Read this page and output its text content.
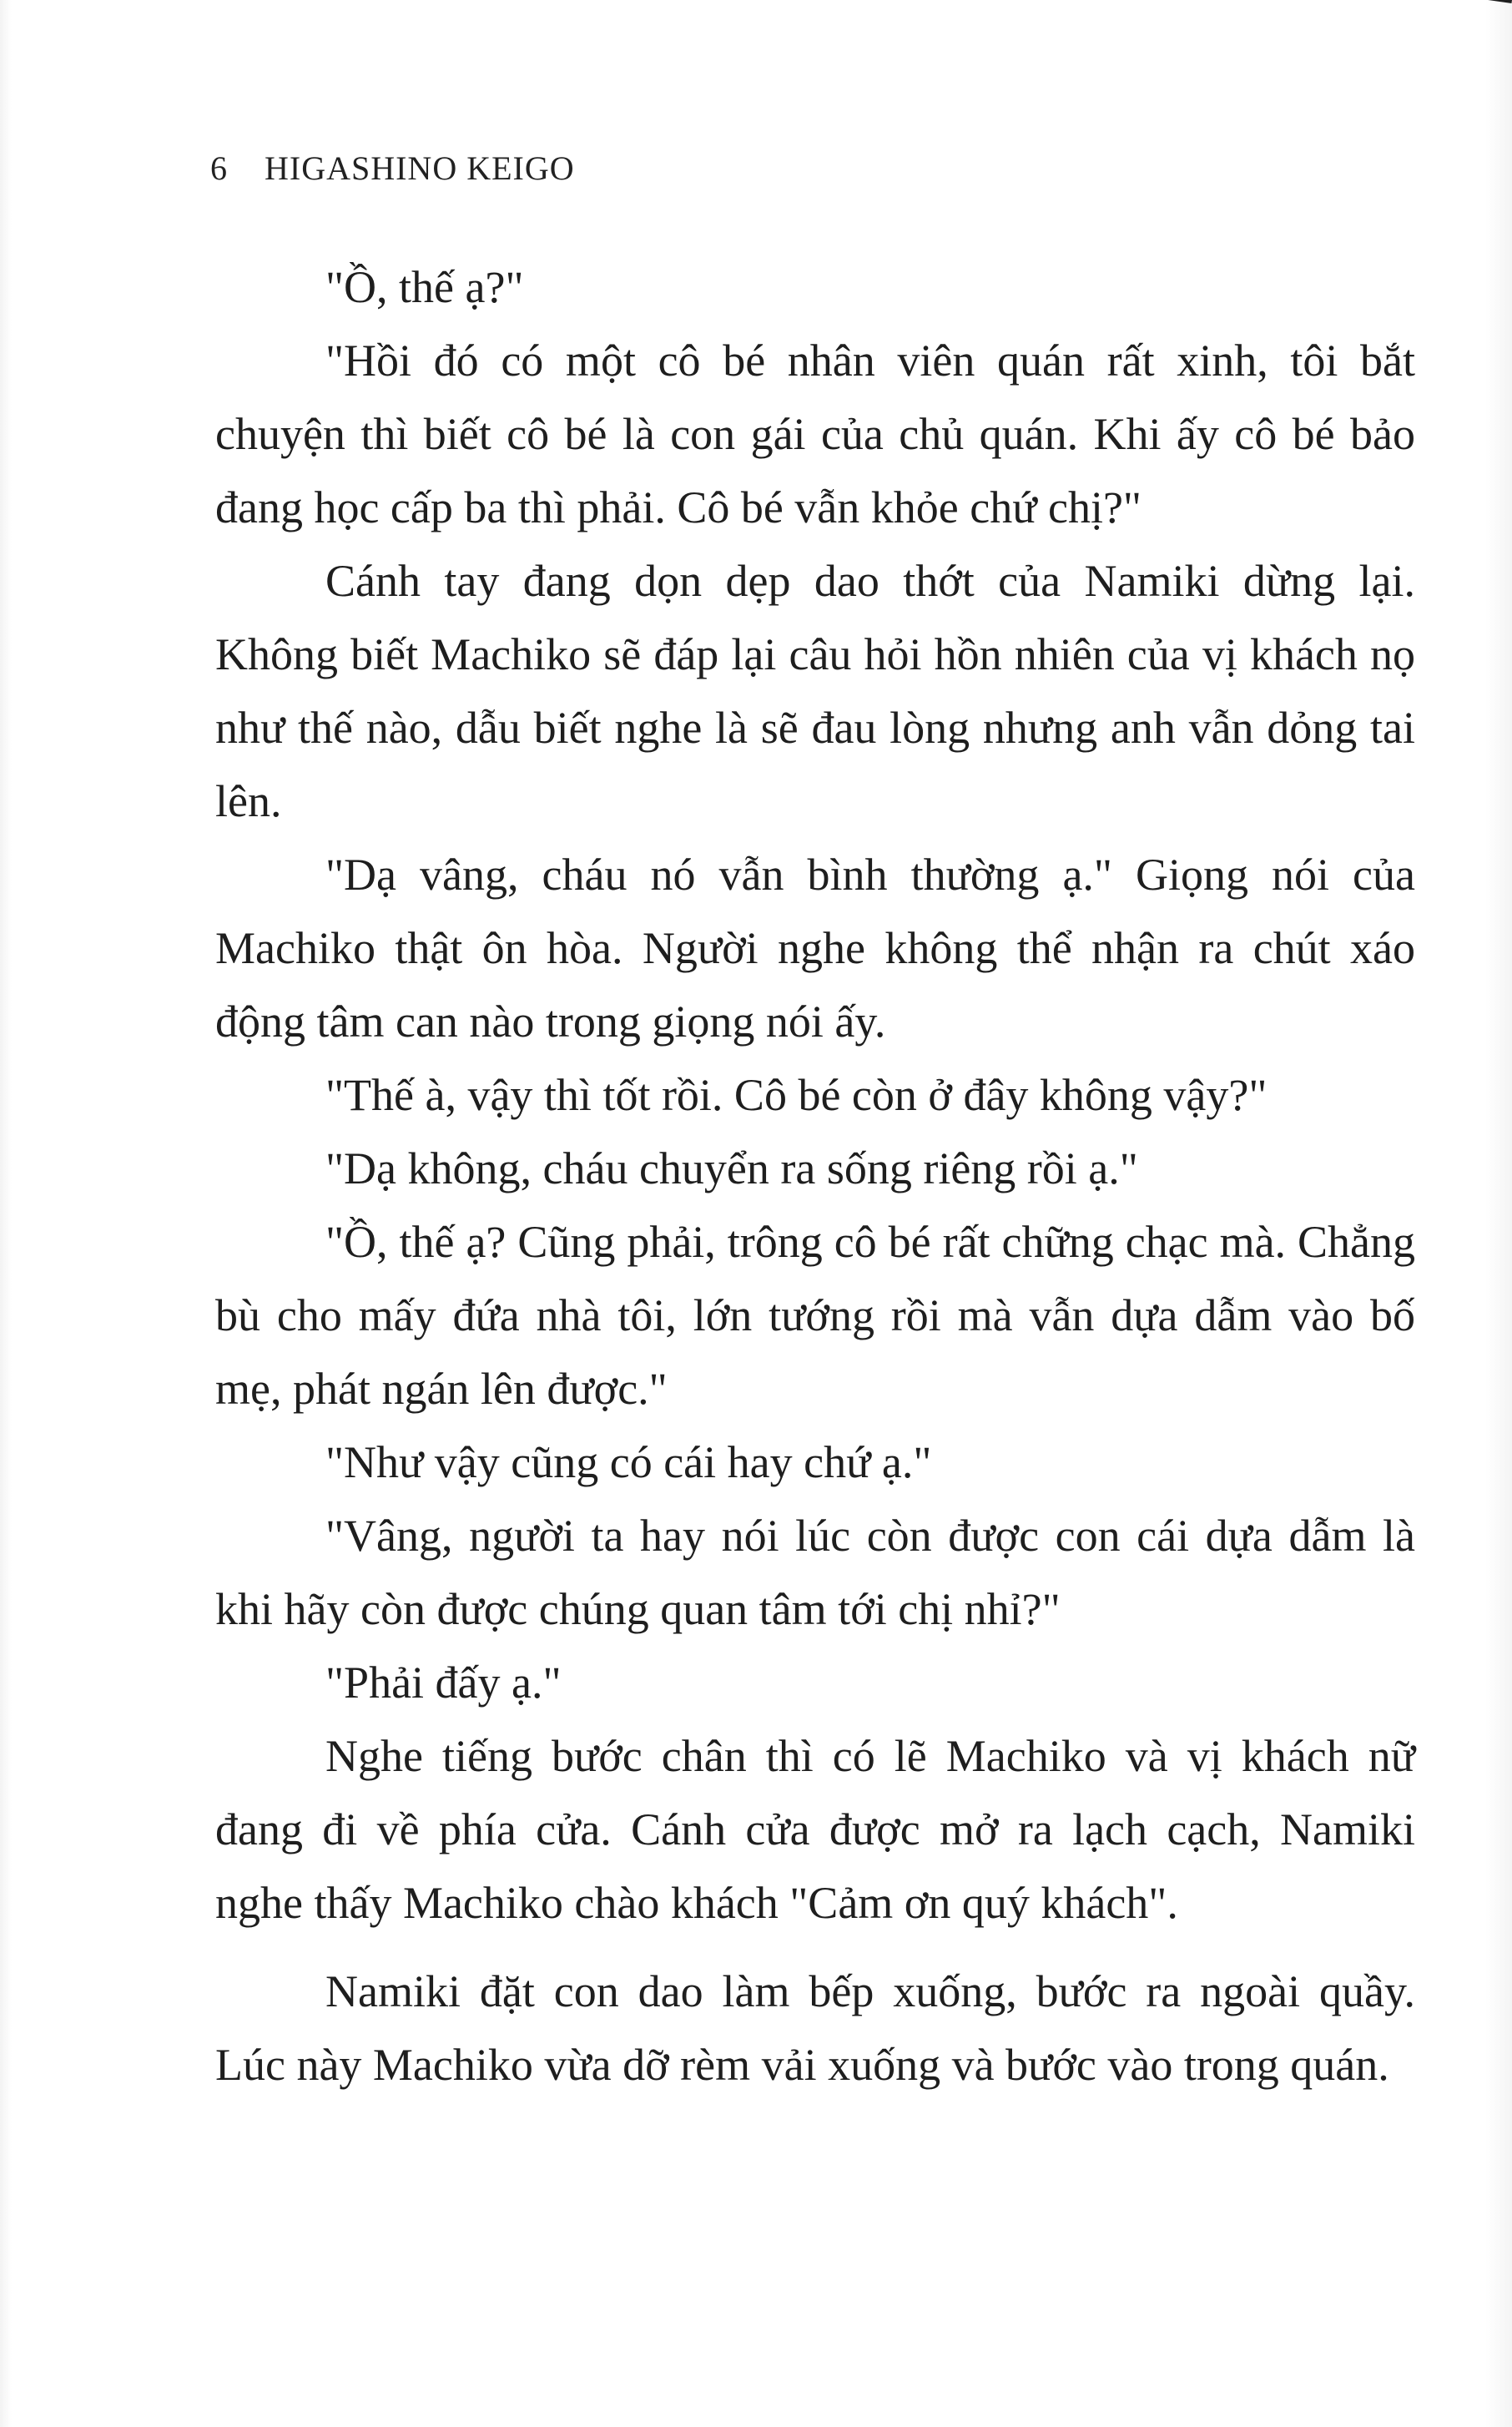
6 HIGASHINO KEIGO

"Ồ, thế ạ?"

"Hồi đó có một cô bé nhân viên quán rất xinh, tôi bắt chuyện thì biết cô bé là con gái của chủ quán. Khi ấy cô bé bảo đang học cấp ba thì phải. Cô bé vẫn khỏe chứ chị?"

Cánh tay đang dọn dẹp dao thớt của Namiki dừng lại. Không biết Machiko sẽ đáp lại câu hỏi hồn nhiên của vị khách nọ như thế nào, dẫu biết nghe là sẽ đau lòng nhưng anh vẫn dỏng tai lên.

"Dạ vâng, cháu nó vẫn bình thường ạ." Giọng nói của Machiko thật ôn hòa. Người nghe không thể nhận ra chút xáo động tâm can nào trong giọng nói ấy.

"Thế à, vậy thì tốt rồi. Cô bé còn ở đây không vậy?"

"Dạ không, cháu chuyển ra sống riêng rồi ạ."

"Ồ, thế ạ? Cũng phải, trông cô bé rất chững chạc mà. Chẳng bù cho mấy đứa nhà tôi, lớn tướng rồi mà vẫn dựa dẫm vào bố mẹ, phát ngán lên được."

"Như vậy cũng có cái hay chứ ạ."

"Vâng, người ta hay nói lúc còn được con cái dựa dẫm là khi hãy còn được chúng quan tâm tới chị nhỉ?"

"Phải đấy ạ."

Nghe tiếng bước chân thì có lẽ Machiko và vị khách nữ đang đi về phía cửa. Cánh cửa được mở ra lạch cạch, Namiki nghe thấy Machiko chào khách "Cảm ơn quý khách".

Namiki đặt con dao làm bếp xuống, bước ra ngoài quầy. Lúc này Machiko vừa dỡ rèm vải xuống và bước vào trong quán.
